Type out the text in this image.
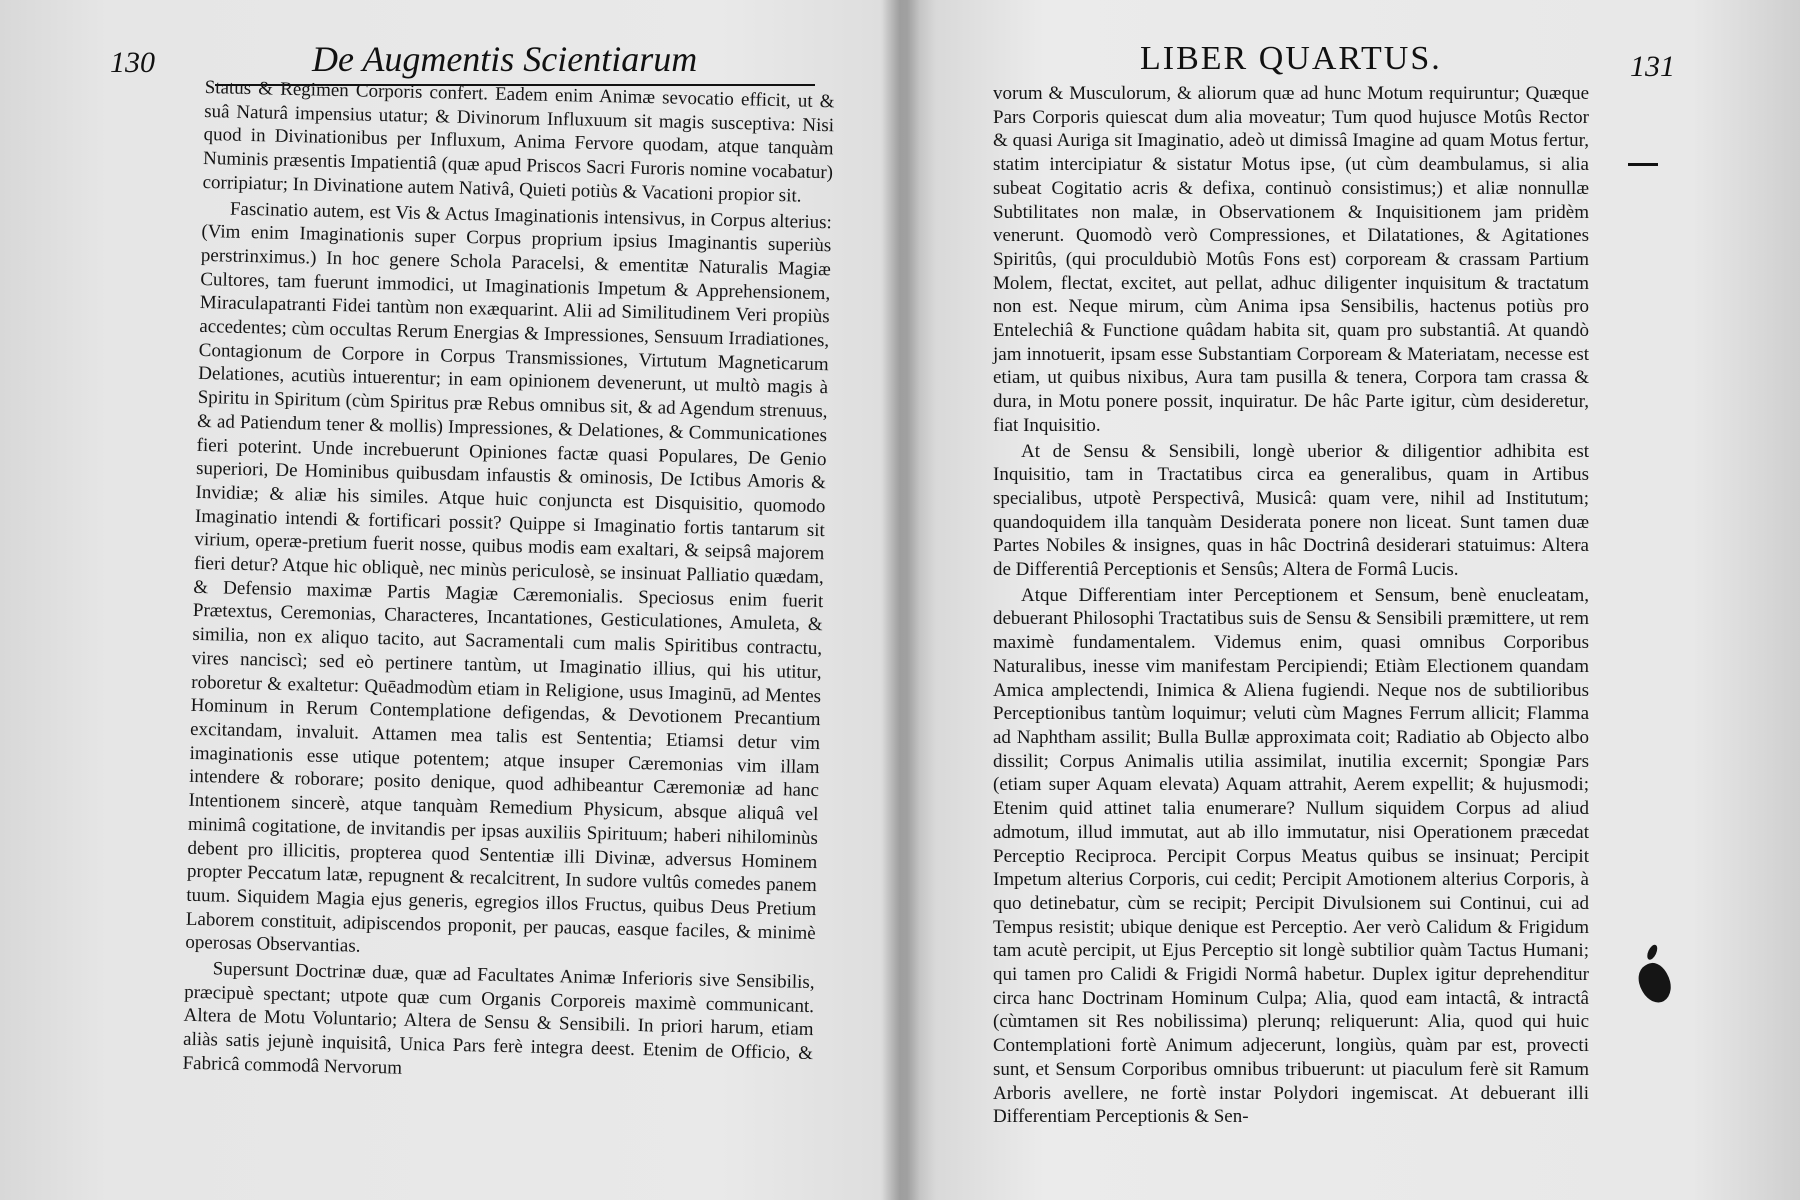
130	De Augmentis Scientiarum

Status & Regimen Corporis confert. Eadem enim Animæ sevocatio efficit, ut & suâ Naturâ impensius utatur; & Divinorum Influxuum sit magis susceptiva: Nisi quod in Divinationibus per Influxum, Anima Fervore quodam, atque tanquàm Numinis præsentis Impatientiâ (quæ apud Priscos Sacri Furoris nomine vocabatur) corripiatur; In Divinatione autem Nativâ, Quieti potiùs & Vacationi propior sit.

Fascinatio autem, est Vis & Actus Imaginationis intensivus, in Corpus alterius: (Vim enim Imaginationis super Corpus proprium ipsius Imaginantis superiùs perstrinximus.) In hoc genere Schola Paracelsi, & ementitæ Naturalis Magiæ Cultores, tam fuerunt immodici, ut Imaginationis Impetum & Apprehensionem, Miraculapatranti Fidei tantùm non exæquarint. Alii ad Similitudinem Veri propiùs accedentes; cùm occultas Rerum Energias & Impressiones, Sensuum Irradiationes, Contagionum de Corpore in Corpus Transmissiones, Virtutum Magneticarum Delationes, acutiùs intuerentur; in eam opinionem devenerunt, ut multò magis à Spiritu in Spiritum (cùm Spiritus præ Rebus omnibus sit, & ad Agendum strenuus, & ad Patiendum tener & mollis) Impressiones, & Delationes, & Communicationes fieri poterint. Unde increbuerunt Opiniones factæ quasi Populares, De Genio superiori, De Hominibus quibusdam infaustis & ominosis, De Ictibus Amoris & Invidiæ; & aliæ his similes. Atque huic conjuncta est Disquisitio, quomodo Imaginatio intendi & fortificari possit? Quippe si Imaginatio fortis tantarum sit virium, operæ-pretium fuerit nosse, quibus modis eam exaltari, & seipsâ majorem fieri detur? Atque hic obliquè, nec minùs periculosè, se insinuat Palliatio quædam, & Defensio maximæ Partis Magiæ Cæremonialis. Speciosus enim fuerit Prætextus, Ceremonias, Characteres, Incantationes, Gesticulationes, Amuleta, & similia, non ex aliquo tacito, aut Sacramentali cum malis Spiritibus contractu, vires nanciscì; sed eò pertinere tantùm, ut Imaginatio illius, qui his utitur, roboretur & exaltetur: Quēadmodùm etiam in Religione, usus Imaginū, ad Mentes Hominum in Rerum Contemplatione defigendas, & Devotionem Precantium excitandam, invaluit. Attamen mea talis est Sententia; Etiamsi detur vim imaginationis esse utique potentem; atque insuper Cæremonias vim illam intendere & roborare; posito denique, quod adhibeantur Cæremoniæ ad hanc Intentionem sincerè, atque tanquàm Remedium Physicum, absque aliquâ vel minimâ cogitatione, de invitandis per ipsas auxiliis Spirituum; haberi nihilominùs debent pro illicitis, propterea quod Sententiæ illi Divinæ, adversus Hominem propter Peccatum latæ, repugnent & recalcitrent, In sudore vultûs comedes panem tuum. Siquidem Magia ejus generis, egregios illos Fructus, quibus Deus Pretium Laborem constituit, adipiscendos proponit, per paucas, easque faciles, & minimè operosas Observantias.

Supersunt Doctrinæ duæ, quæ ad Facultates Animæ Inferioris sive Sensibilis, præcipuè spectant; utpote quæ cum Organis Corporeis maximè communicant. Altera de Motu Voluntario; Altera de Sensu & Sensibili. In priori harum, etiam aliàs satis jejunè inquisitâ, Unica Pars ferè integra deest. Etenim de Officio, & Fabricâ commodâ Nervorum

LIBER QUARTUS.	131

vorum & Musculorum, & aliorum quæ ad hunc Motum requiruntur; Quæque Pars Corporis quiescat dum alia moveatur; Tum quod hujusce Motûs Rector & quasi Auriga sit Imaginatio, adeò ut dimissâ Imagine ad quam Motus fertur, statim intercipiatur & sistatur Motus ipse, (ut cùm deambulamus, si alia subeat Cogitatio acris & defixa, continuò consistimus;) et aliæ nonnullæ Subtilitates non malæ, in Observationem & Inquisitionem jam pridèm venerunt. Quomodò verò Compressiones, et Dilatationes, & Agitationes Spiritûs, (qui proculdubiò Motûs Fons est) corpoream & crassam Partium Molem, flectat, excitet, aut pellat, adhuc diligenter inquisitum & tractatum non est. Neque mirum, cùm Anima ipsa Sensibilis, hactenus potiùs pro Entelechiâ & Functione quâdam habita sit, quam pro substantiâ. At quandò jam innotuerit, ipsam esse Substantiam Corpoream & Materiatam, necesse est etiam, ut quibus nixibus, Aura tam pusilla & tenera, Corpora tam crassa & dura, in Motu ponere possit, inquiratur. De hâc Parte igitur, cùm desideretur, fiat Inquisitio.

At de Sensu & Sensibili, longè uberior & diligentior adhibita est Inquisitio, tam in Tractatibus circa ea generalibus, quam in Artibus specialibus, utpotè Perspectivâ, Musicâ: quam vere, nihil ad Institutum; quandoquidem illa tanquàm Desiderata ponere non liceat. Sunt tamen duæ Partes Nobiles & insignes, quas in hâc Doctrinâ desiderari statuimus: Altera de Differentiâ Perceptionis et Sensûs; Altera de Formâ Lucis.

Atque Differentiam inter Perceptionem et Sensum, benè enucleatam, debuerant Philosophi Tractatibus suis de Sensu & Sensibili præmittere, ut rem maximè fundamentalem. Videmus enim, quasi omnibus Corporibus Naturalibus, inesse vim manifestam Percipiendi; Etiàm Electionem quandam Amica amplectendi, Inimica & Aliena fugiendi. Neque nos de subtilioribus Perceptionibus tantùm loquimur; veluti cùm Magnes Ferrum allicit; Flamma ad Naphtham assilit; Bulla Bullæ approximata coit; Radiatio ab Objecto albo dissilit; Corpus Animalis utilia assimilat, inutilia excernit; Spongiæ Pars (etiam super Aquam elevata) Aquam attrahit, Aerem expellit; & hujusmodi; Etenim quid attinet talia enumerare? Nullum siquidem Corpus ad aliud admotum, illud immutat, aut ab illo immutatur, nisi Operationem præcedat Perceptio Reciproca. Percipit Corpus Meatus quibus se insinuat; Percipit Impetum alterius Corporis, cui cedit; Percipit Amotionem alterius Corporis, à quo detinebatur, cùm se recipit; Percipit Divulsionem sui Continui, cui ad Tempus resistit; ubique denique est Perceptio. Aer verò Calidum & Frigidum tam acutè percipit, ut Ejus Perceptio sit longè subtilior quàm Tactus Humani; qui tamen pro Calidi & Frigidi Normâ habetur. Duplex igitur deprehenditur circa hanc Doctrinam Hominum Culpa; Alia, quod eam intactâ, & intractâ (cùmtamen sit Res nobilissima) plerunq; reliquerunt: Alia, quod qui huic Contemplationi fortè Animum adjecerunt, longiùs, quàm par est, provecti sunt, et Sensum Corporibus omnibus tribuerunt: ut piaculum ferè sit Ramum Arboris avellere, ne fortè instar Polydori ingemiscat. At debuerant illi Differentiam Perceptionis & Sen-
